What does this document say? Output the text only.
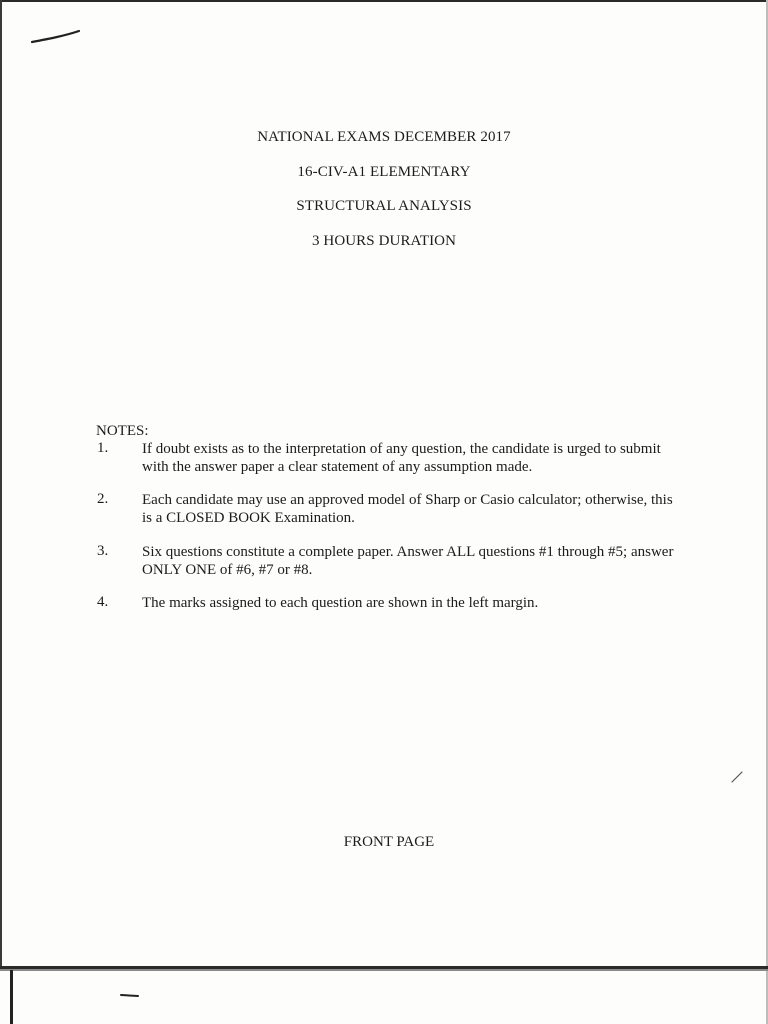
NATIONAL EXAMS DECEMBER 2017
16-CIV-A1 ELEMENTARY
STRUCTURAL ANALYSIS
3 HOURS DURATION
NOTES:
1. If doubt exists as to the interpretation of any question, the candidate is urged to submit with the answer paper a clear statement of any assumption made.
2. Each candidate may use an approved model of Sharp or Casio calculator; otherwise, this is a CLOSED BOOK Examination.
3. Six questions constitute a complete paper. Answer ALL questions #1 through #5; answer ONLY ONE of #6, #7 or #8.
4. The marks assigned to each question are shown in the left margin.
FRONT PAGE
